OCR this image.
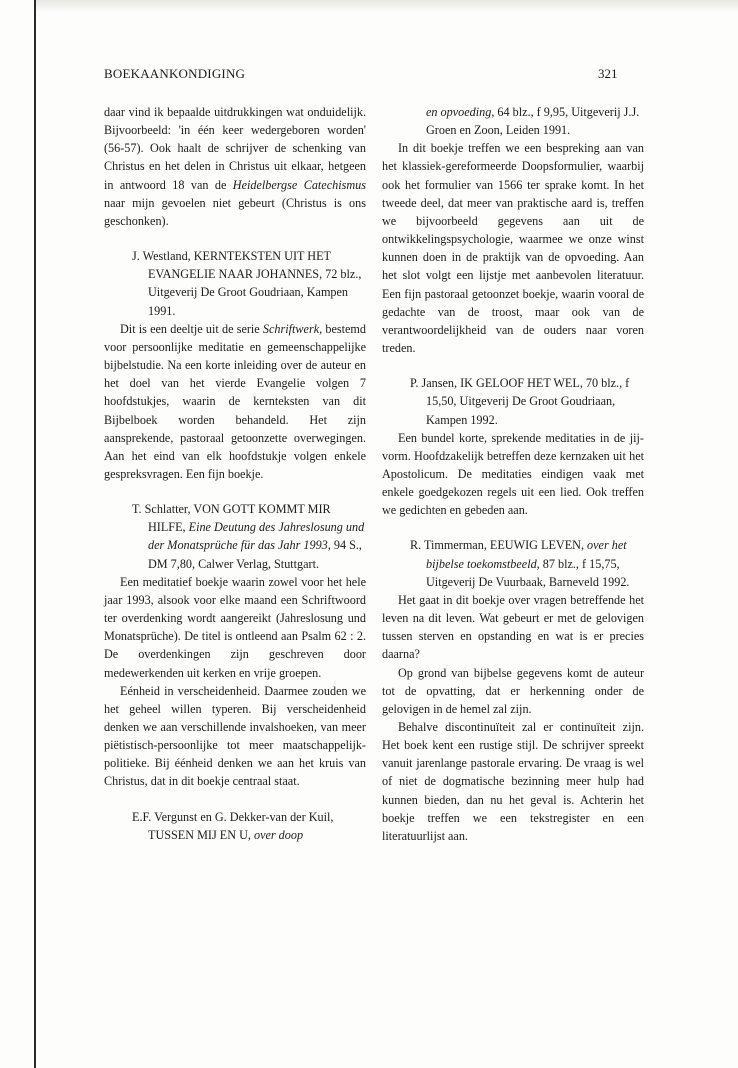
BOEKAANKONDIGING	321

daar vind ik bepaalde uitdrukkingen wat onduidelijk. Bijvoorbeeld: 'in één keer wedergeboren worden' (56-57). Ook haalt de schrijver de schenking van Christus en het delen in Christus uit elkaar, hetgeen in antwoord 18 van de Heidelbergse Catechismus naar mijn gevoelen niet gebeurt (Christus is ons geschonken).

J. Westland, KERNTEKSTEN UIT HET EVANGELIE NAAR JOHANNES, 72 blz., Uitgeverij De Groot Goudriaan, Kampen 1991.

Dit is een deeltje uit de serie Schriftwerk, bestemd voor persoonlijke meditatie en gemeenschappelijke bijbelstudie. Na een korte inleiding over de auteur en het doel van het vierde Evangelie volgen 7 hoofdstukjes, waarin de kernteksten van dit Bijbelboek worden behandeld. Het zijn aansprekende, pastoraal getoonzette overwegingen. Aan het eind van elk hoofdstukje volgen enkele gespreksvragen. Een fijn boekje.

T. Schlatter, VON GOTT KOMMT MIR HILFE, Eine Deutung des Jahreslosung und der Monatsprüche für das Jahr 1993, 94 S., DM 7,80, Calwer Verlag, Stuttgart.

Een meditatief boekje waarin zowel voor het hele jaar 1993, alsook voor elke maand een Schriftwoord ter overdenking wordt aangereikt (Jahreslosung und Monatsprüche). De titel is ontleend aan Psalm 62 : 2. De overdenkingen zijn geschreven door medewerkenden uit kerken en vrije groepen.

Eénheid in verscheidenheid. Daarmee zouden we het geheel willen typeren. Bij verscheidenheid denken we aan verschillende invalshoeken, van meer piëtistisch-persoonlijke tot meer maatschappelijk-politieke. Bij éénheid denken we aan het kruis van Christus, dat in dit boekje centraal staat.

E.F. Vergunst en G. Dekker-van der Kuil, TUSSEN MIJ EN U, over doop
en opvoeding, 64 blz., f 9,95, Uitgeverij J.J. Groen en Zoon, Leiden 1991.

In dit boekje treffen we een bespreking aan van het klassiek-gereformeerde Doopsformulier, waarbij ook het formulier van 1566 ter sprake komt. In het tweede deel, dat meer van praktische aard is, treffen we bijvoorbeeld gegevens aan uit de ontwikkelingspsychologie, waarmee we onze winst kunnen doen in de praktijk van de opvoeding. Aan het slot volgt een lijstje met aanbevolen literatuur. Een fijn pastoraal getoonzet boekje, waarin vooral de gedachte van de troost, maar ook van de verantwoordelijkheid van de ouders naar voren treden.

P. Jansen, IK GELOOF HET WEL, 70 blz., f 15,50, Uitgeverij De Groot Goudriaan, Kampen 1992.

Een bundel korte, sprekende meditaties in de jij-vorm. Hoofdzakelijk betreffen deze kernzaken uit het Apostolicum. De meditaties eindigen vaak met enkele goedgekozen regels uit een lied. Ook treffen we gedichten en gebeden aan.

R. Timmerman, EEUWIG LEVEN, over het bijbelse toekomstbeeld, 87 blz., f 15,75, Uitgeverij De Vuurbaak, Barneveld 1992.

Het gaat in dit boekje over vragen betreffende het leven na dit leven. Wat gebeurt er met de gelovigen tussen sterven en opstanding en wat is er precies daarna?

Op grond van bijbelse gegevens komt de auteur tot de opvatting, dat er herkenning onder de gelovigen in de hemel zal zijn.

Behalve discontinuïteit zal er continuïteit zijn. Het boek kent een rustige stijl. De schrijver spreekt vanuit jarenlange pastorale ervaring. De vraag is wel of niet de dogmatische bezinning meer hulp had kunnen bieden, dan nu het geval is. Achterin het boekje treffen we een tekstregister en een literatuurlijst aan.
